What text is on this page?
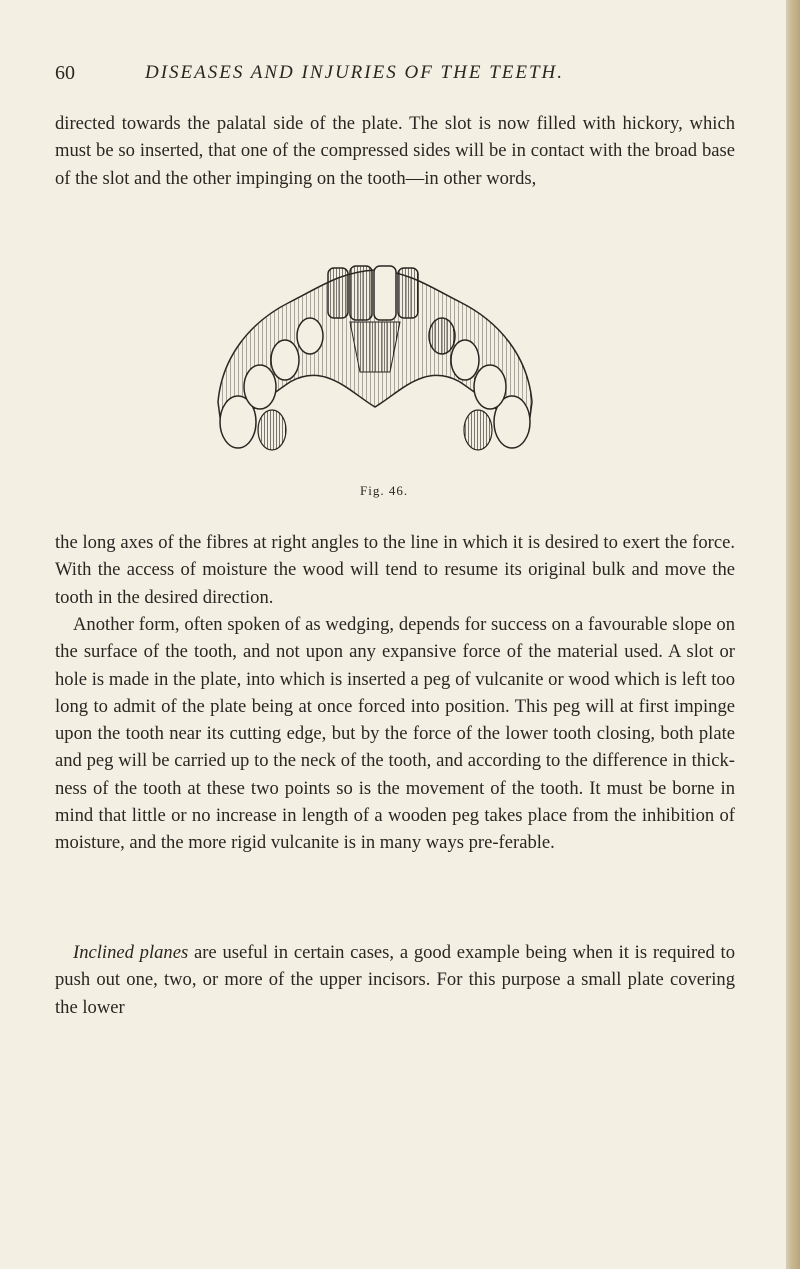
60	DISEASES AND INJURIES OF THE TEETH.

directed towards the palatal side of the plate. The slot is now filled with hickory, which must be so inserted, that one of the compressed sides will be in contact with the broad base of the slot and the other impinging on the tooth—in other words,

Fig. 46.

the long axes of the fibres at right angles to the line in which it is desired to exert the force. With the access of moisture the wood will tend to resume its original bulk and move the tooth in the desired direction.

Another form, often spoken of as wedging, depends for success on a favourable slope on the surface of the tooth, and not upon any expansive force of the material used. A slot or hole is made in the plate, into which is inserted a peg of vulcanite or wood which is left too long to admit of the plate being at once forced into position. This peg will at first impinge upon the tooth near its cutting edge, but by the force of the lower tooth closing, both plate and peg will be carried up to the neck of the tooth, and according to the difference in thick-ness of the tooth at these two points so is the movement of the tooth. It must be borne in mind that little or no increase in length of a wooden peg takes place from the inhibition of moisture, and the more rigid vulcanite is in many ways pre-ferable.

Inclined planes are useful in certain cases, a good example being when it is required to push out one, two, or more of the upper incisors. For this purpose a small plate covering the lower
